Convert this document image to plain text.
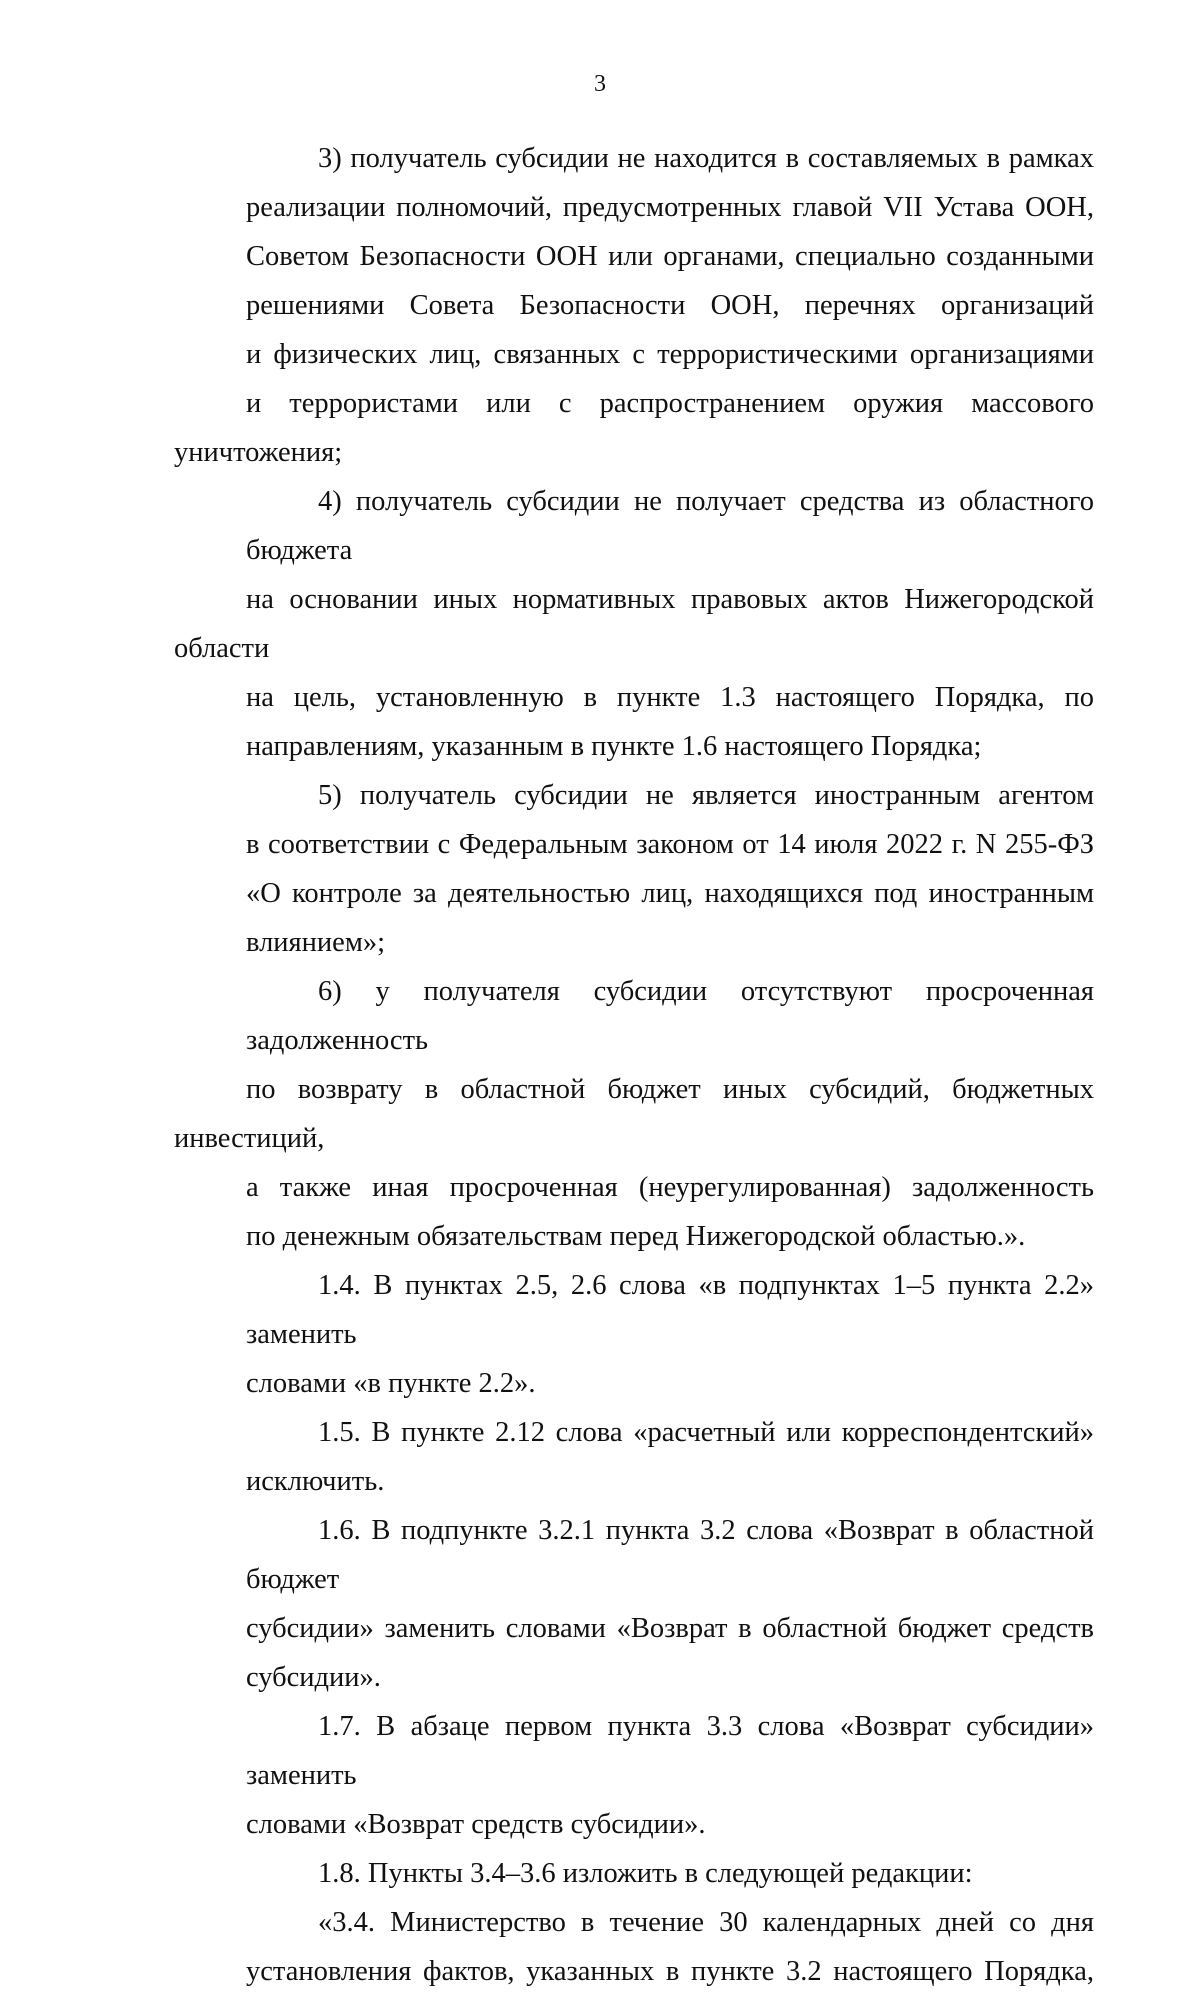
3
3) получатель субсидии не находится в составляемых в рамках
реализации полномочий, предусмотренных главой VII Устава ООН,
Советом Безопасности ООН или органами, специально созданными
решениями Совета Безопасности ООН, перечнях организаций
и физических лиц, связанных с террористическими организациями
и террористами или с распространением оружия массового уничтожения;
4) получатель субсидии не получает средства из областного бюджета
на основании иных нормативных правовых актов Нижегородской области
на цель, установленную в пункте 1.3 настоящего Порядка, по
направлениям, указанным в пункте 1.6 настоящего Порядка;
5) получатель субсидии не является иностранным агентом
в соответствии с Федеральным законом от 14 июля 2022 г. N 255-ФЗ
«О контроле за деятельностью лиц, находящихся под иностранным
влиянием»;
6) у получателя субсидии отсутствуют просроченная задолженность
по возврату в областной бюджет иных субсидий, бюджетных инвестиций,
а также иная просроченная (неурегулированная) задолженность
по денежным обязательствам перед Нижегородской областью.».
1.4. В пунктах 2.5, 2.6 слова «в подпунктах 1–5 пункта 2.2» заменить
словами «в пункте 2.2».
1.5. В пункте 2.12 слова «расчетный или корреспондентский»
исключить.
1.6. В подпункте 3.2.1 пункта 3.2 слова «Возврат в областной бюджет
субсидии» заменить словами «Возврат в областной бюджет средств
субсидии».
1.7. В абзаце первом пункта 3.3 слова «Возврат субсидии» заменить
словами «Возврат средств субсидии».
1.8. Пункты 3.4–3.6 изложить в следующей редакции:
«3.4. Министерство в течение 30 календарных дней со дня
установления фактов, указанных в пункте 3.2 настоящего Порядка,
